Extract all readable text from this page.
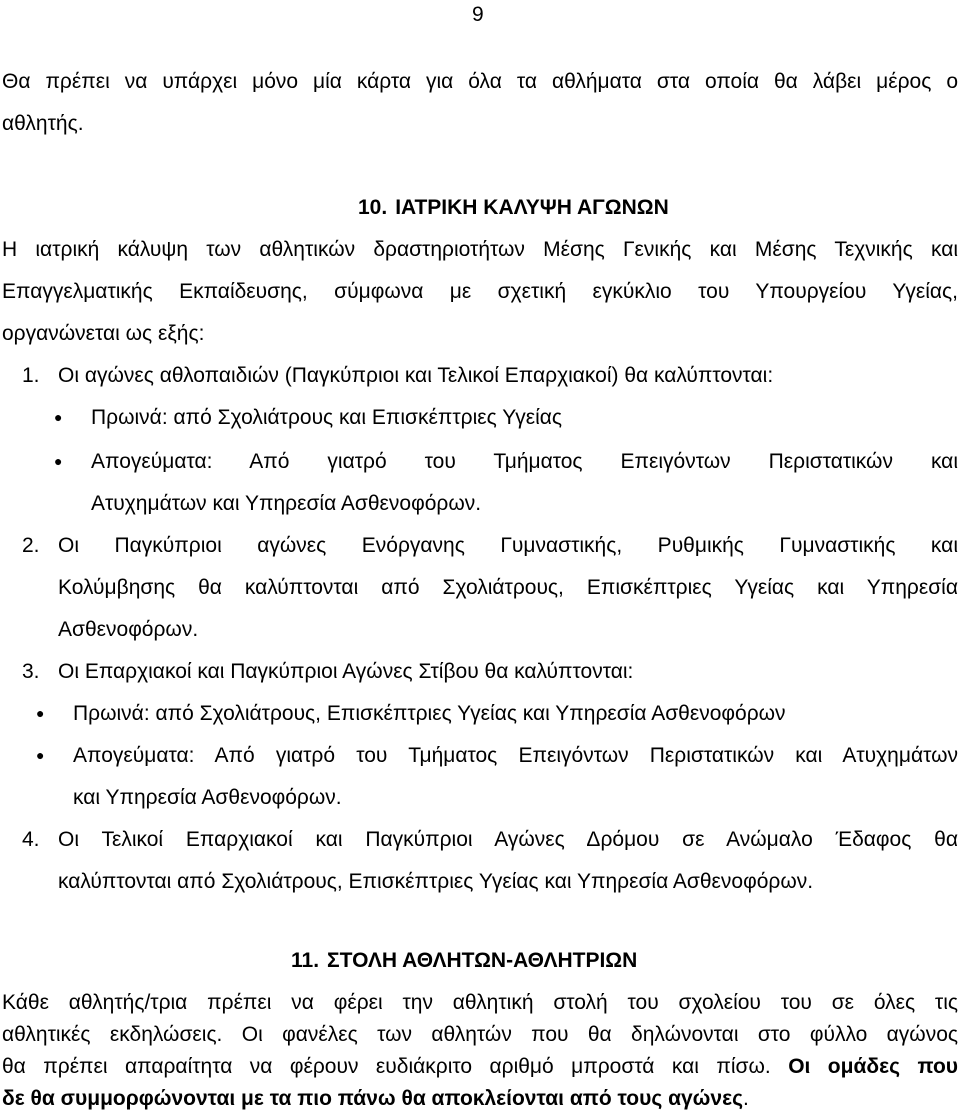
9
Θα πρέπει να υπάρχει μόνο μία κάρτα για όλα τα αθλήματα στα οποία θα λάβει μέρος ο
αθλητής.
10. ΙΑΤΡΙΚΗ ΚΑΛΥΨΗ ΑΓΩΝΩΝ
Η ιατρική κάλυψη των αθλητικών δραστηριοτήτων Μέσης Γενικής και Μέσης Τεχνικής και
Επαγγελματικής Εκπαίδευσης, σύμφωνα με σχετική εγκύκλιο του Υπουργείου Υγείας,
οργανώνεται ως εξής:
1. Οι αγώνες αθλοπαιδιών (Παγκύπριοι και Τελικοί Επαρχιακοί) θα καλύπτονται:
● Πρωινά: από Σχολιάτρους και Επισκέπτριες Υγείας
● Απογεύματα: Από γιατρό του Τμήματος Επειγόντων Περιστατικών και
Ατυχημάτων και Υπηρεσία Ασθενοφόρων.
2. Οι Παγκύπριοι αγώνες Ενόργανης Γυμναστικής, Ρυθμικής Γυμναστικής και
Κολύμβησης θα καλύπτονται από Σχολιάτρους, Επισκέπτριες Υγείας και Υπηρεσία
Ασθενοφόρων.
3. Οι Επαρχιακοί και Παγκύπριοι Αγώνες Στίβου θα καλύπτονται:
● Πρωινά: από Σχολιάτρους, Επισκέπτριες Υγείας και Υπηρεσία Ασθενοφόρων
● Απογεύματα: Από γιατρό του Τμήματος Επειγόντων Περιστατικών και Ατυχημάτων
και Υπηρεσία Ασθενοφόρων.
4. Οι Τελικοί Επαρχιακοί και Παγκύπριοι Αγώνες Δρόμου σε Ανώμαλο Έδαφος θα
καλύπτονται από Σχολιάτρους, Επισκέπτριες Υγείας και Υπηρεσία Ασθενοφόρων.
11. ΣΤΟΛΗ ΑΘΛΗΤΩΝ-ΑΘΛΗΤΡΙΩΝ
Κάθε αθλητής/τρια πρέπει να φέρει την αθλητική στολή του σχολείου του σε όλες τις
αθλητικές εκδηλώσεις. Οι φανέλες των αθλητών που θα δηλώνονται στο φύλλο αγώνος
θα πρέπει απαραίτητα να φέρουν ευδιάκριτο αριθμό μπροστά και πίσω. Οι ομάδες που
δε θα συμμορφώνονται με τα πιο πάνω θα αποκλείονται από τους αγώνες.
